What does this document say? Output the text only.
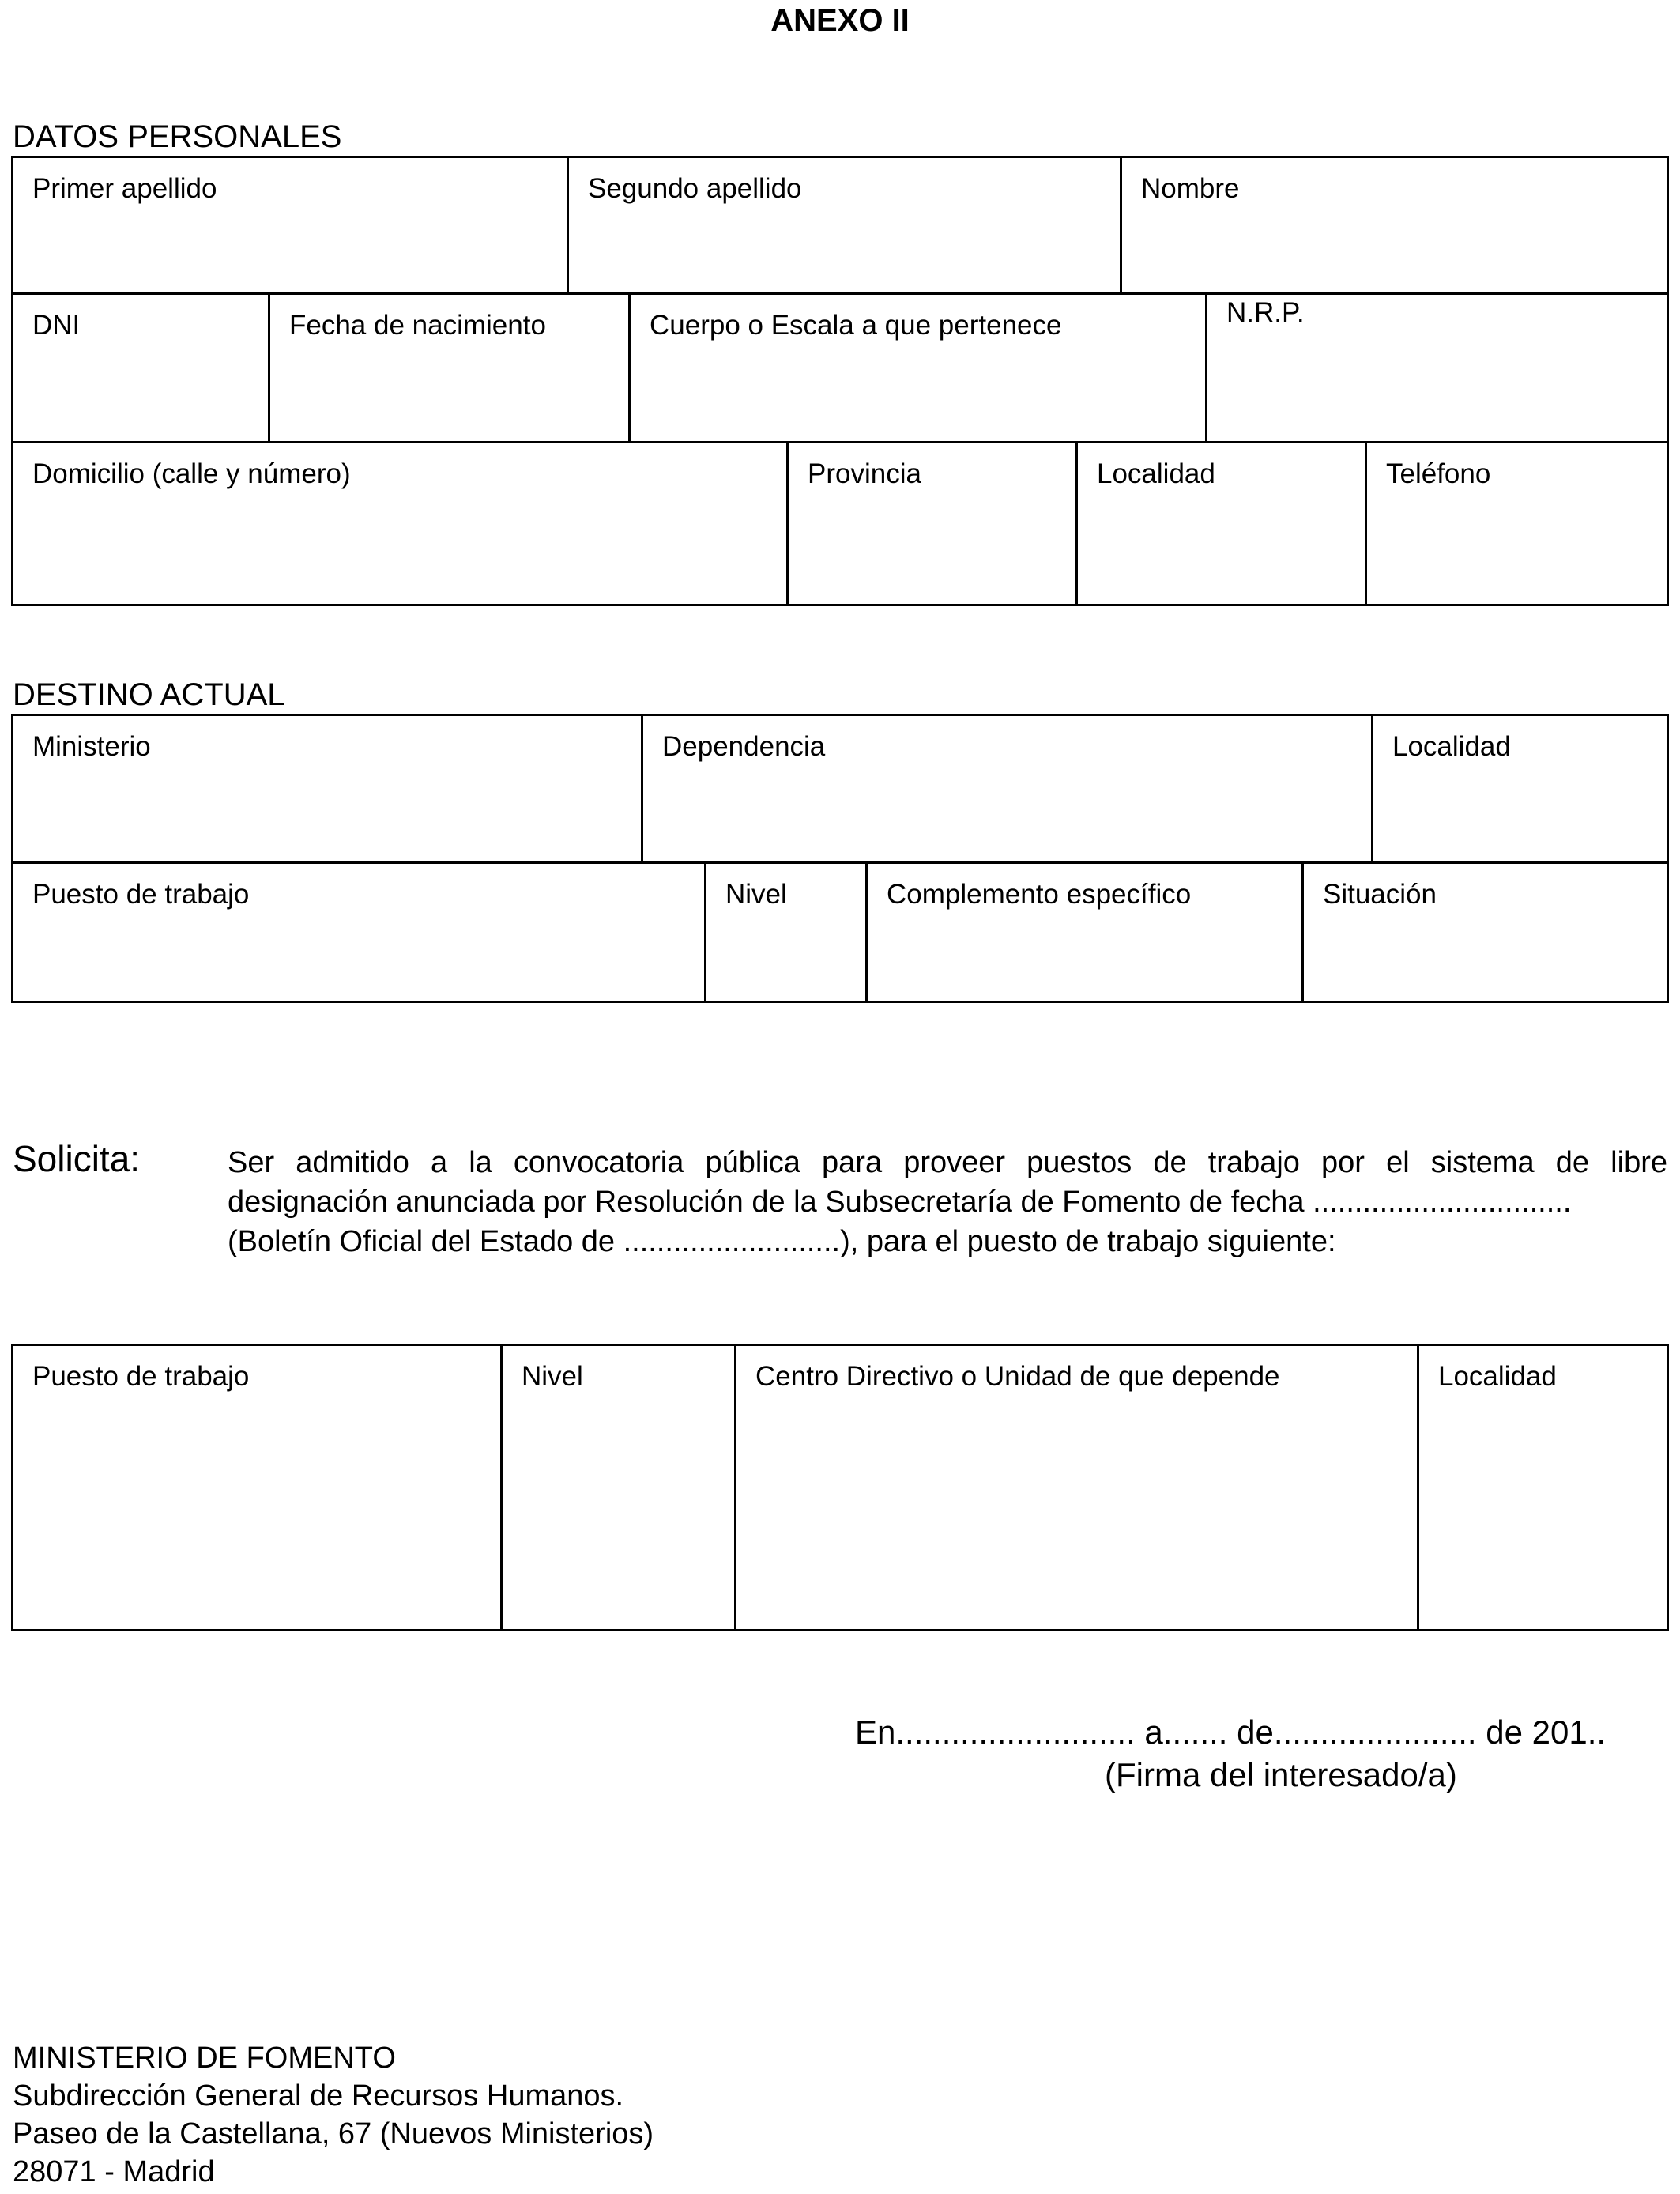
ANEXO II
DATOS PERSONALES
Primer apellido	Segundo apellido	Nombre
DNI	Fecha de nacimiento	Cuerpo o Escala a que pertenece	N.R.P.
Domicilio (calle y número)	Provincia	Localidad	Teléfono
DESTINO ACTUAL
Ministerio	Dependencia	Localidad
Puesto de trabajo	Nivel	Complemento específico	Situación
Solicita:	Ser admitido a la convocatoria pública para proveer puestos de trabajo por el sistema de libre
designación anunciada por Resolución de la Subsecretaría de Fomento de fecha ...............................
(Boletín Oficial del Estado de ..........................), para el puesto de trabajo siguiente:
Puesto de trabajo	Nivel	Centro Directivo o Unidad de que depende	Localidad
En.......................... a....... de...................... de 201..
(Firma del interesado/a)
MINISTERIO DE FOMENTO
Subdirección General de Recursos Humanos.
Paseo de la Castellana, 67 (Nuevos Ministerios)
28071 - Madrid
